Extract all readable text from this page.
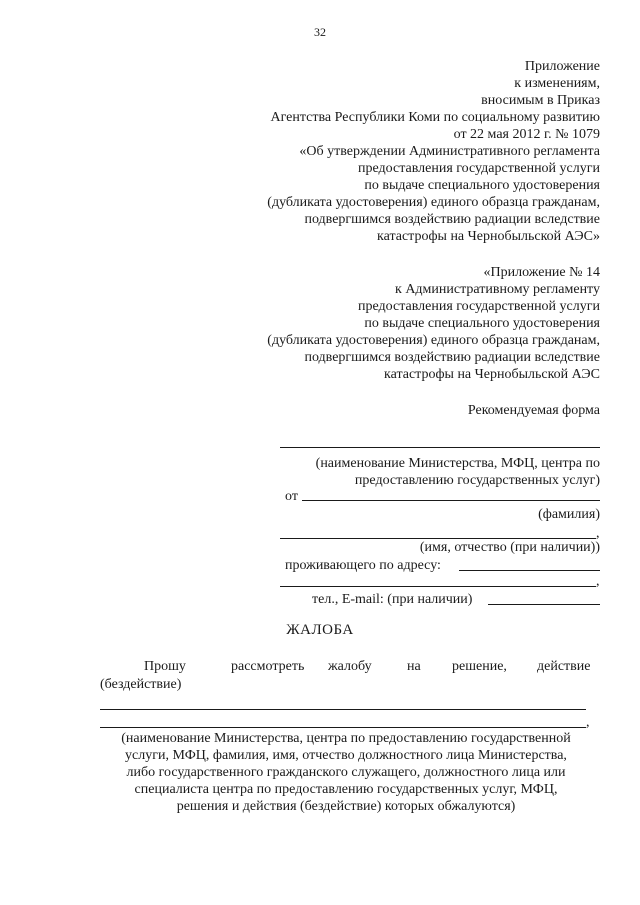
32
Приложение
к изменениям,
вносимым в Приказ
Агентства Республики Коми по социальному развитию
от 22 мая 2012 г. № 1079
«Об утверждении Административного регламента
предоставления государственной услуги
по выдаче специального удостоверения
(дубликата удостоверения) единого образца гражданам,
подвергшимся воздействию радиации вследствие
катастрофы на Чернобыльской АЭС»
«Приложение № 14
к Административному регламенту
предоставления государственной услуги
по выдаче специального удостоверения
(дубликата удостоверения) единого образца гражданам,
подвергшимся воздействию радиации вследствие
катастрофы на Чернобыльской АЭС
Рекомендуемая форма
(наименование Министерства, МФЦ, центра по
предоставлению государственных услуг)
от
(фамилия)
,
(имя, отчество (при наличии))
проживающего по адресу:
,
тел., E-mail: (при наличии)
ЖАЛОБА
Прошу	рассмотреть жалобу	на решение, действие
(бездействие)
,
(наименование Министерства, центра по предоставлению государственной
услуги, МФЦ, фамилия, имя, отчество должностного лица Министерства,
либо государственного гражданского служащего, должностного лица или
специалиста центра по предоставлению государственных услуг, МФЦ,
решения и действия (бездействие) которых обжалуются)
